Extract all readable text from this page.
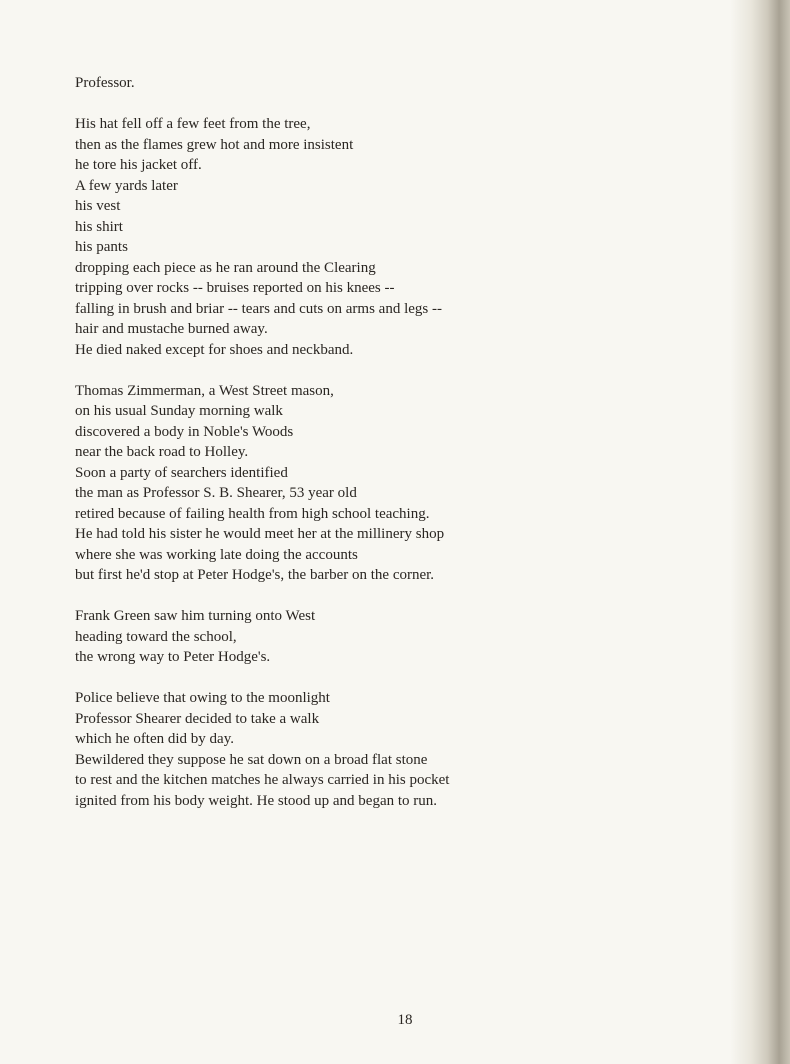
Professor.
His hat fell off a few feet from the tree,
then as the flames grew hot and more insistent
he tore his jacket off.
A few yards later
his vest
his shirt
his pants
dropping each piece as he ran around the Clearing
tripping over rocks -- bruises reported on his knees --
falling in brush and briar -- tears and cuts on arms and legs --
hair and mustache burned away.
He died naked except for shoes and neckband.
Thomas Zimmerman, a West Street mason,
on his usual Sunday morning walk
discovered a body in Noble's Woods
near the back road to Holley.
Soon a party of searchers identified
the man as Professor S. B. Shearer, 53 year old
retired because of failing health from high school teaching.
He had told his sister he would meet her at the millinery shop
where she was working late doing the accounts
but first he'd stop at Peter Hodge's, the barber on the corner.
Frank Green saw him turning onto West
heading toward the school,
the wrong way to Peter Hodge's.
Police believe that owing to the moonlight
Professor Shearer decided to take a walk
which he often did by day.
Bewildered they suppose he sat down on a broad flat stone
to rest and the kitchen matches he always carried in his pocket
ignited from his body weight. He stood up and began to run.
18
